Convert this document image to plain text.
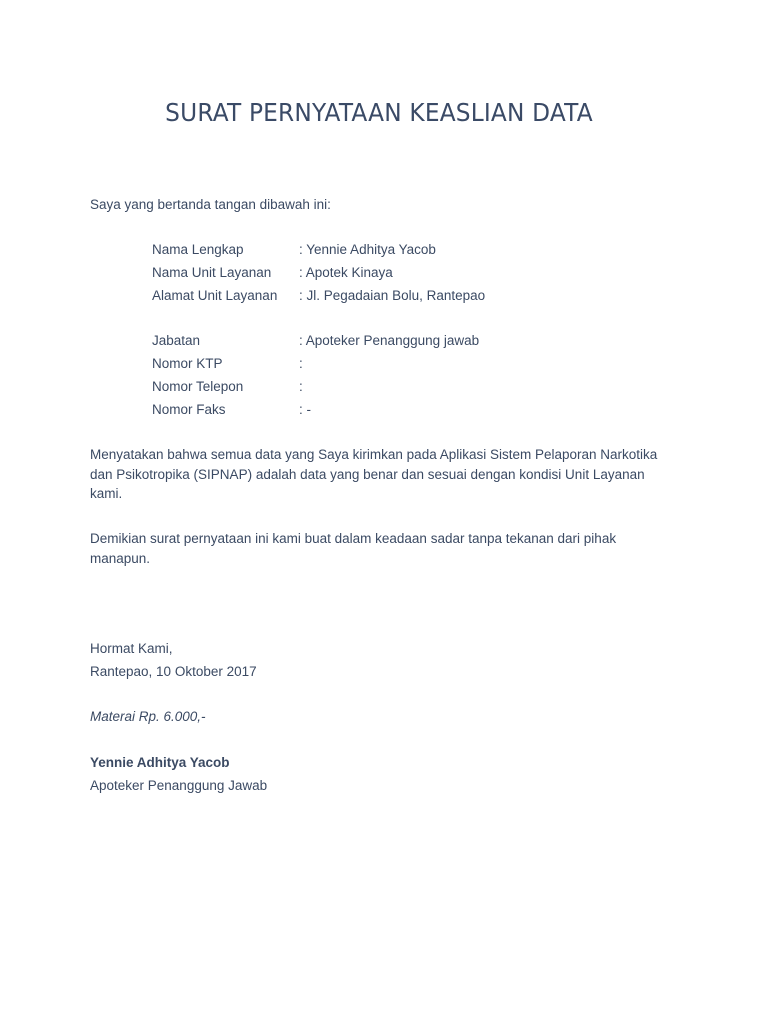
SURAT PERNYATAAN KEASLIAN DATA

Saya yang bertanda tangan dibawah ini:

Nama Lengkap	: Yennie Adhitya Yacob
Nama Unit Layanan : Apotek Kinaya
Alamat Unit Layanan : Jl. Pegadaian Bolu, Rantepao
Jabatan	: Apoteker Penanggung jawab
Nomor KTP	:
Nomor Telepon	:
Nomor Faks	: -
Menyatakan bahwa semua data yang Saya kirimkan pada Aplikasi Sistem Pelaporan Narkotika
dan Psikotropika (SIPNAP) adalah data yang benar dan sesuai dengan kondisi Unit Layanan
kami.
Demikian surat pernyataan ini kami buat dalam keadaan sadar tanpa tekanan dari pihak
manapun.

Hormat Kami,

Rantepao, 10 Oktober 2017

Materai Rp. 6.000,-

Yennie Adhitya Yacob

Apoteker Penanggung Jawab
